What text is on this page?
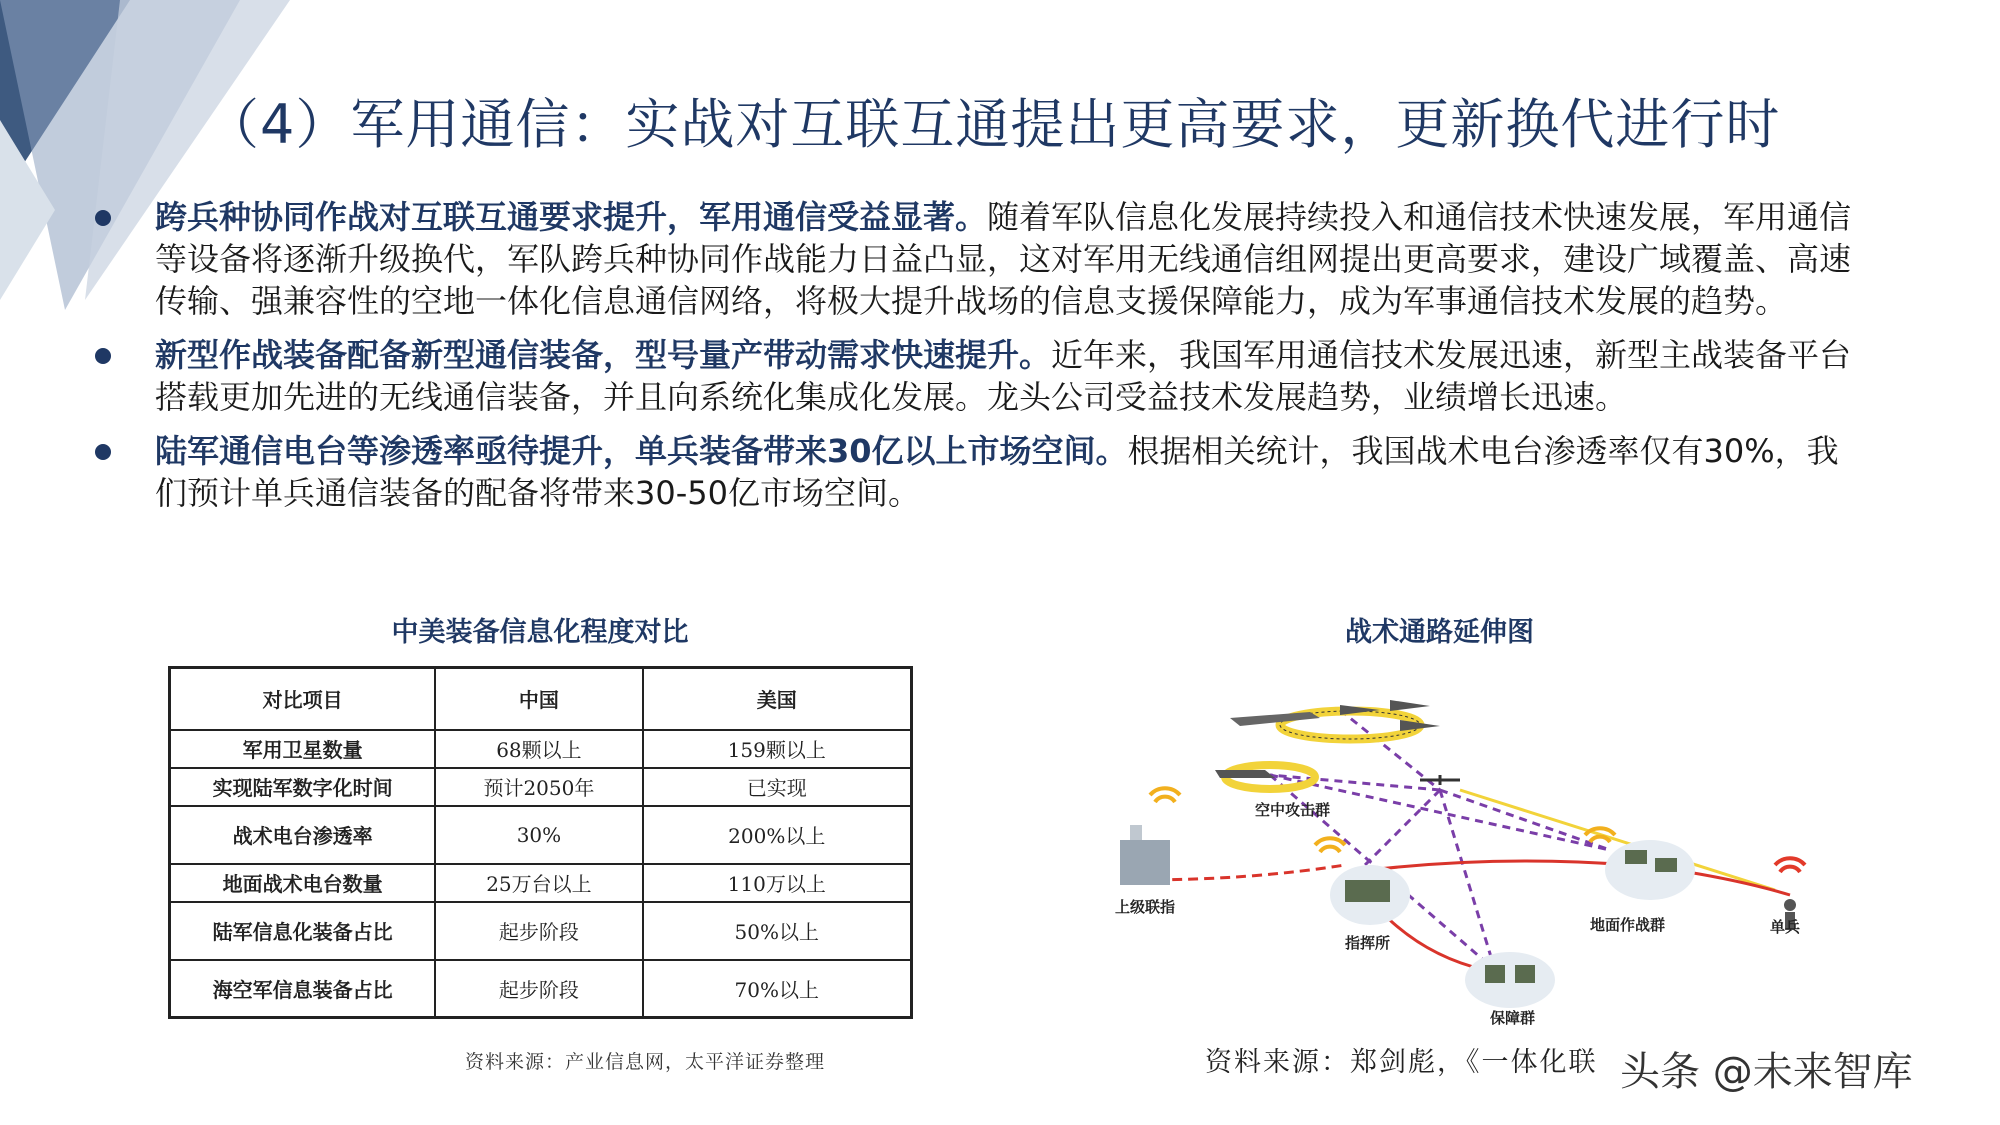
（4）军用通信：实战对互联互通提出更高要求，更新换代进行时
跨兵种协同作战对互联互通要求提升，军用通信受益显著。随着军队信息化发展持续投入和通信技术快速发展，军用通信等设备将逐渐升级换代，军队跨兵种协同作战能力日益凸显，这对军用无线通信组网提出更高要求，建设广域覆盖、高速传输、强兼容性的空地一体化信息通信网络，将极大提升战场的信息支援保障能力，成为军事通信技术发展的趋势。
新型作战装备配备新型通信装备，型号量产带动需求快速提升。近年来，我国军用通信技术发展迅速，新型主战装备平台搭载更加先进的无线通信装备，并且向系统化集成化发展。龙头公司受益技术发展趋势，业绩增长迅速。
陆军通信电台等渗透率亟待提升，单兵装备带来30亿以上市场空间。根据相关统计，我国战术电台渗透率仅有30%，我们预计单兵通信装备的配备将带来30-50亿市场空间。
中美装备信息化程度对比
对比项目	中国	美国
军用卫星数量	68颗以上	159颗以上
实现陆军数字化时间	预计2050年	已实现
战术电台渗透率	30%	200%以上
地面战术电台数量	25万台以上	110万以上
陆军信息化装备占比	起步阶段	50%以上
海空军信息装备占比	起步阶段	70%以上
资料来源：产业信息网，太平洋证券整理
战术通路延伸图
空中攻击群
上级联指
指挥所
地面作战群	单兵
保障群
资料来源：郑剑彪，《一体化联 头条 @未来智库
